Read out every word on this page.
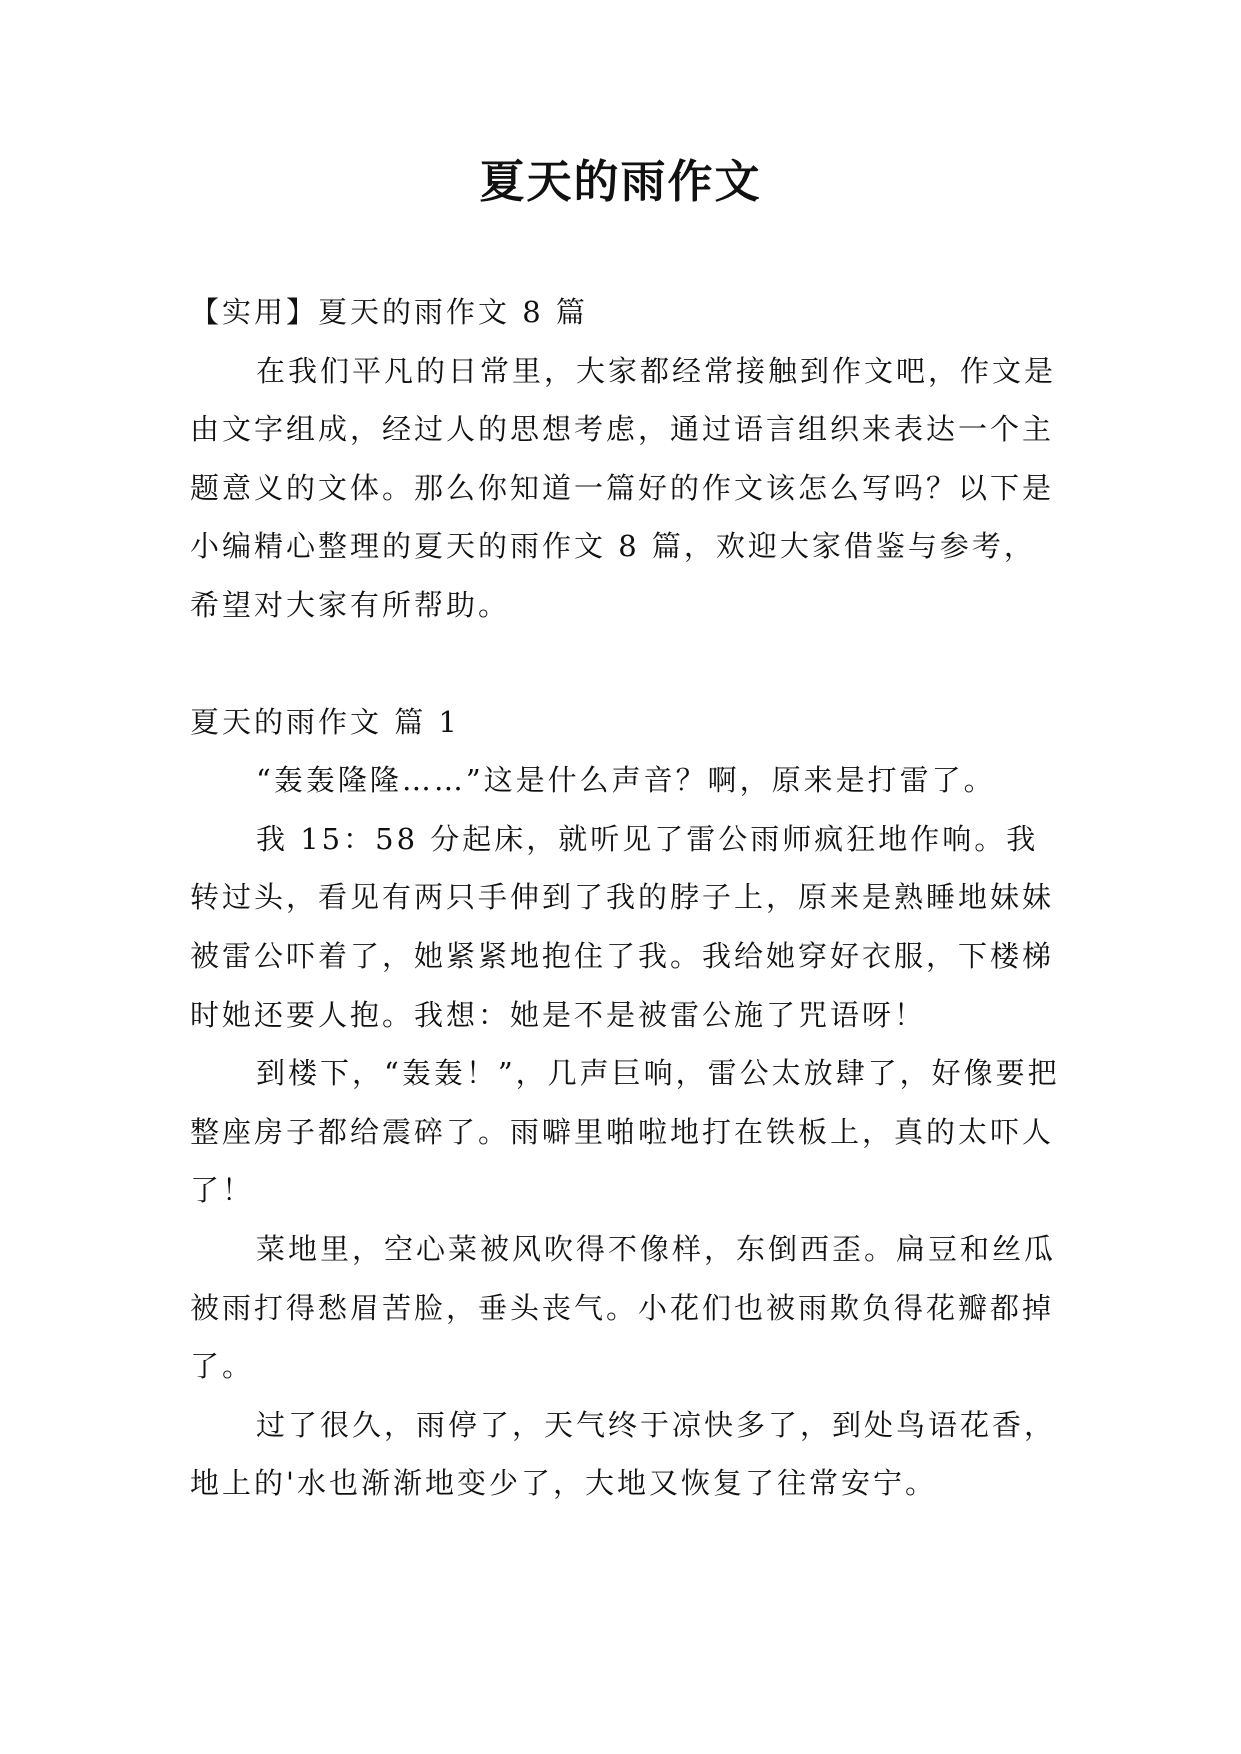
夏天的雨作文

【实用】夏天的雨作文 8 篇

在我们平凡的日常里，大家都经常接触到作文吧，作文是由文字组成，经过人的思想考虑，通过语言组织来表达一个主题意义的文体。那么你知道一篇好的作文该怎么写吗？以下是小编精心整理的夏天的雨作文 8 篇，欢迎大家借鉴与参考，希望对大家有所帮助。

夏天的雨作文 篇 1

“轰轰隆隆……”这是什么声音？啊，原来是打雷了。

我 15：58 分起床，就听见了雷公雨师疯狂地作响。我转过头，看见有两只手伸到了我的脖子上，原来是熟睡地妹妹被雷公吓着了，她紧紧地抱住了我。我给她穿好衣服，下楼梯时她还要人抱。我想：她是不是被雷公施了咒语呀！

到楼下，“轰轰！”，几声巨响，雷公太放肆了，好像要把整座房子都给震碎了。雨噼里啪啦地打在铁板上，真的太吓人了！

菜地里，空心菜被风吹得不像样，东倒西歪。扁豆和丝瓜被雨打得愁眉苦脸，垂头丧气。小花们也被雨欺负得花瓣都掉了。

过了很久，雨停了，天气终于凉快多了，到处鸟语花香，地上的'水也渐渐地变少了，大地又恢复了往常安宁。
